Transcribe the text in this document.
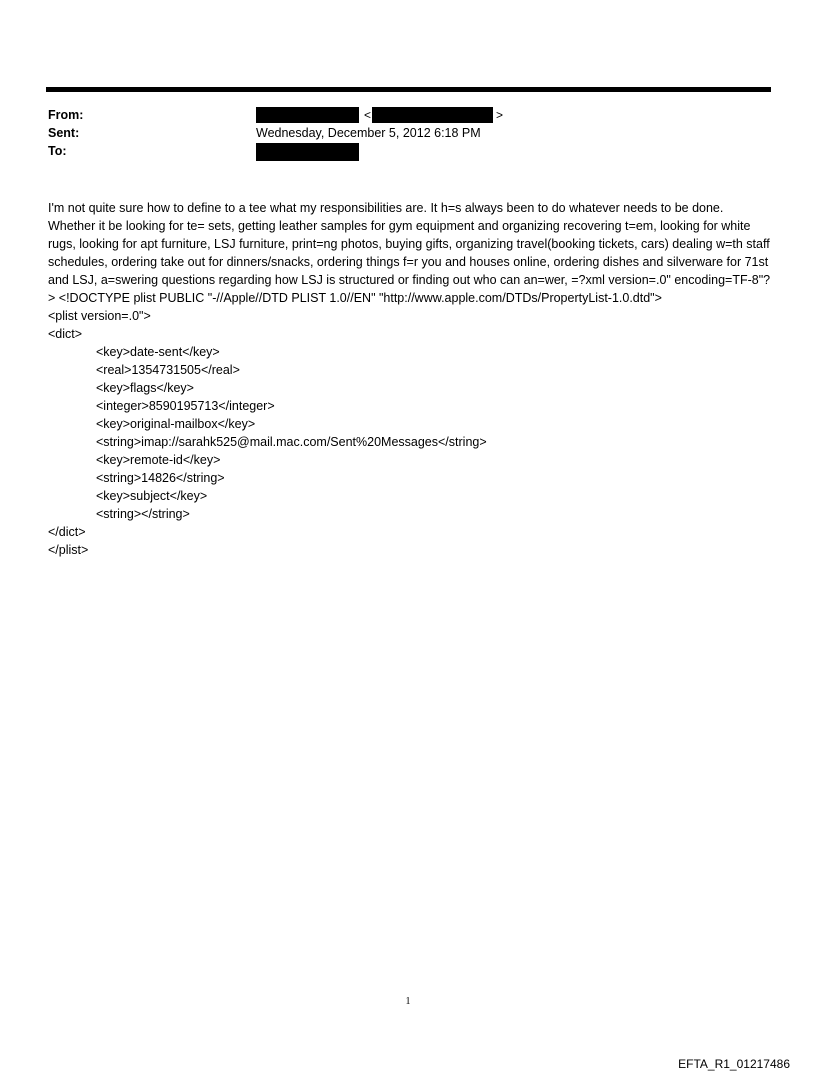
From:	<	>
Sent:	Wednesday, December 5, 2012 6:18 PM
To:

I'm not quite sure how to define to a tee what my responsibilities are. It h=s always been to do whatever needs to be done. Whether it be looking for te= sets, getting leather samples for gym equipment and organizing recovering t=em, looking for white rugs, looking for apt furniture, LSJ furniture, print=ng photos, buying gifts, organizing travel(booking tickets, cars) dealing w=th staff schedules, ordering take out for dinners/snacks, ordering things f=r you and houses online, ordering dishes and silverware for 71st and LSJ, a=swering questions regarding how LSJ is structured or finding out who can an=wer, =?xml version=.0" encoding=TF-8"?> <!DOCTYPE plist PUBLIC "-//Apple//DTD PLIST 1.0//EN" "http://www.apple.com/DTDs/PropertyList-1.0.dtd">

<plist version=.0">
<dict>
<key>date-sent</key>
<real>1354731505</real>
<key>flags</key>
<integer>8590195713</integer>
<key>original-mailbox</key>
<string>imap://sarahk525@mail.mac.com/Sent%20Messages</string>
<key>remote-id</key>
<string>14826</string>
<key>subject</key>
<string></string>
</dict>
</plist>
1
EFTA_R1_01217486
